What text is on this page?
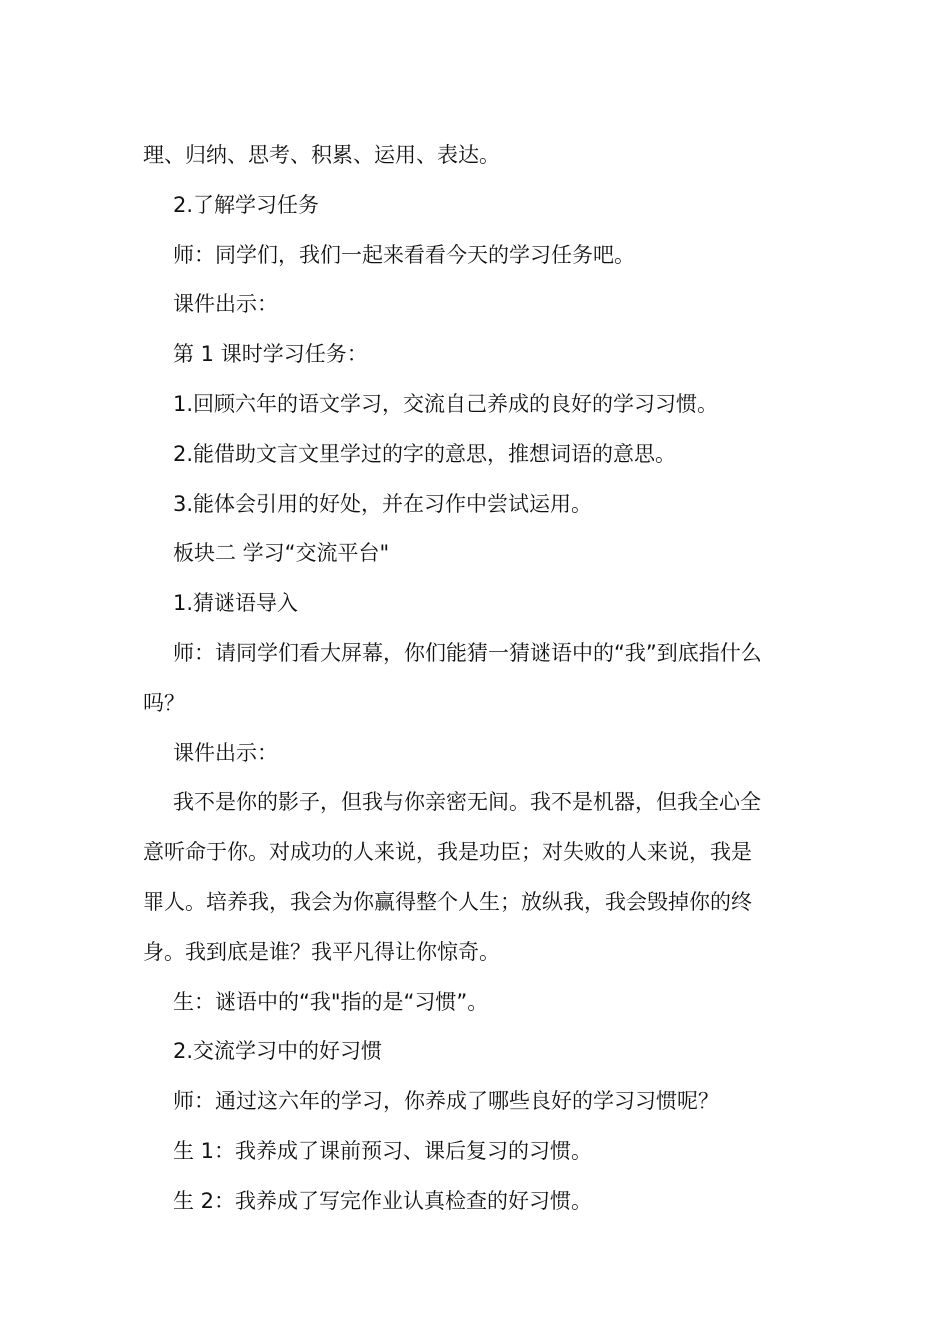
理、归纳、思考、积累、运用、表达。
2.了解学习任务
师：同学们，我们一起来看看今天的学习任务吧。
课件出示：
第 1 课时学习任务：
1.回顾六年的语文学习，交流自己养成的良好的学习习惯。
2.能借助文言文里学过的字的意思，推想词语的意思。
3.能体会引用的好处，并在习作中尝试运用。
板块二 学习“交流平台"
1.猜谜语导入
师：请同学们看大屏幕，你们能猜一猜谜语中的“我”到底指什么
吗？
课件出示：
我不是你的影子，但我与你亲密无间。我不是机器，但我全心全
意听命于你。对成功的人来说，我是功臣；对失败的人来说，我是
罪人。培养我，我会为你赢得整个人生；放纵我，我会毁掉你的终
身。我到底是谁？我平凡得让你惊奇。
生：谜语中的“我"指的是“习惯”。
2.交流学习中的好习惯
师：通过这六年的学习，你养成了哪些良好的学习习惯呢？
生 1：我养成了课前预习、课后复习的习惯。
生 2：我养成了写完作业认真检查的好习惯。
